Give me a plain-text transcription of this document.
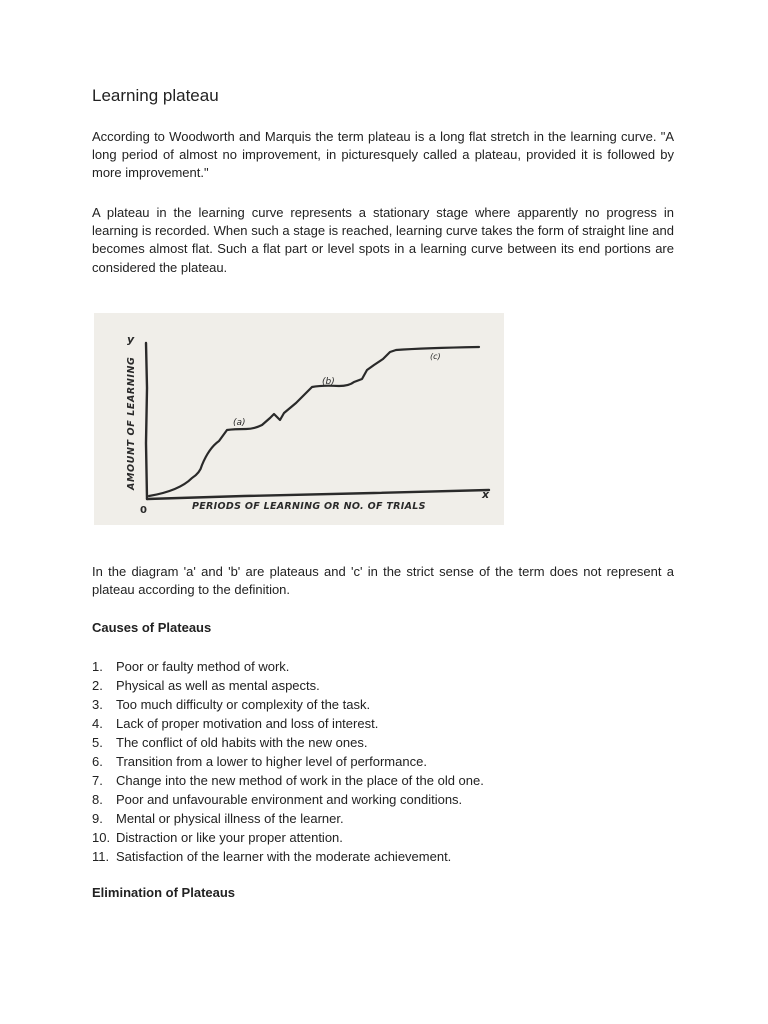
Learning plateau

According to Woodworth and Marquis the term plateau is a long flat stretch in the learning curve. "A long period of almost no improvement, in picturesquely called a plateau, provided it is followed by more improvement."

A plateau in the learning curve represents a stationary stage where apparently no progress in learning is recorded. When such a stage is reached, learning curve takes the form of straight line and becomes almost flat. Such a flat part or level spots in a learning curve between its end portions are considered the plateau.

x
y
0
AMOUNT OF LEARNING
PERIODS OF LEARNING OR NO. OF TRIALS
(a)
(b)
(c)

In the diagram 'a' and 'b' are plateaus and 'c' in the strict sense of the term does not represent a plateau according to the definition.

Causes of Plateaus
1.	Poor or faulty method of work.
2.	Physical as well as mental aspects.
3.	Too much difficulty or complexity of the task.
4.	Lack of proper motivation and loss of interest.
5.	The conflict of old habits with the new ones.
6.	Transition from a lower to higher level of performance.
7.	Change into the new method of work in the place of the old one.
8.	Poor and unfavourable environment and working conditions.
9.	Mental or physical illness of the learner.
10. Distraction or like your proper attention.
11. Satisfaction of the learner with the moderate achievement.
Elimination of Plateaus
